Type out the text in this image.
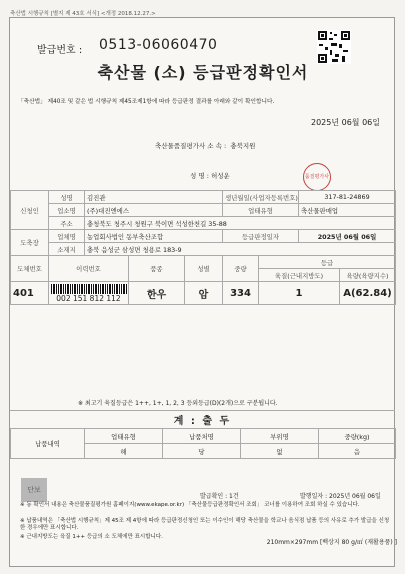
축산법 시행규칙 [별지 제 43호 서식] <개정 2018.12.27.>
발급번호 : 0513-06060470
축산물 (소) 등급판정확인서
「축산법」 제40조 및 같은 법 시행규칙 제45조제1항에 따라 등급판정 결과를 아래와 같이 확인합니다.
2025년 06월 06일
축산물품질평가사 소 속 : 충북지원
성 명 : 허성운	품질평가사
신청인	성명	김진관			생년월일(사업자등록번호)		317-81-24869	
	업소명	(주)대진엔에스			업태유형		축산물판매업	
	주소	충청북도 청주시 청원구 북이면 석성한천길 35-88						
도축장	업체명	농업회사법인 동부축산조합			등급판정일자		2025년 06월 06일	
	소재지	충북 음성군 삼성면 청용로 183-9						
도체번호	이력번호		품종	성별	중량	등급		
						육질(근내지방도)		육량(육량지수)
401	002 151 812 112		한우	암	334	1		A(62.84)
※ 최고기 육질등급은 1++, 1+, 1, 2, 3 등외등급(D)(2개)으로 구분됩니다.
계 : 출 두
납품내역	업태유형	납품처명	부위명	중량(kg)
	해	당	없	음
단보
발급확인 : 1건	발행일자 : 2025년 06월 06일
※ 동 확인서 내용은 축산물품질평가원 홈페이지(www.ekape.or.kr) 「축산물등급판정확인서 조회」 코너를 이용하여 조회 하실 수 있습니다.
※ 납품내역은 「축산법 시행규칙」제 45조 제 4항에 따라 등급판정신청인 또는 이수인이 해당 축산물을 학교나 음식점 납품 등의 사유로 추가 발급을 신청한 경우에만 표시합니다.
※ 근내지방도는 육질 1++ 등급의 소 도체에만 표시합니다.
210mm×297mm [백상지 80 g/㎡ (재활용품) ]
